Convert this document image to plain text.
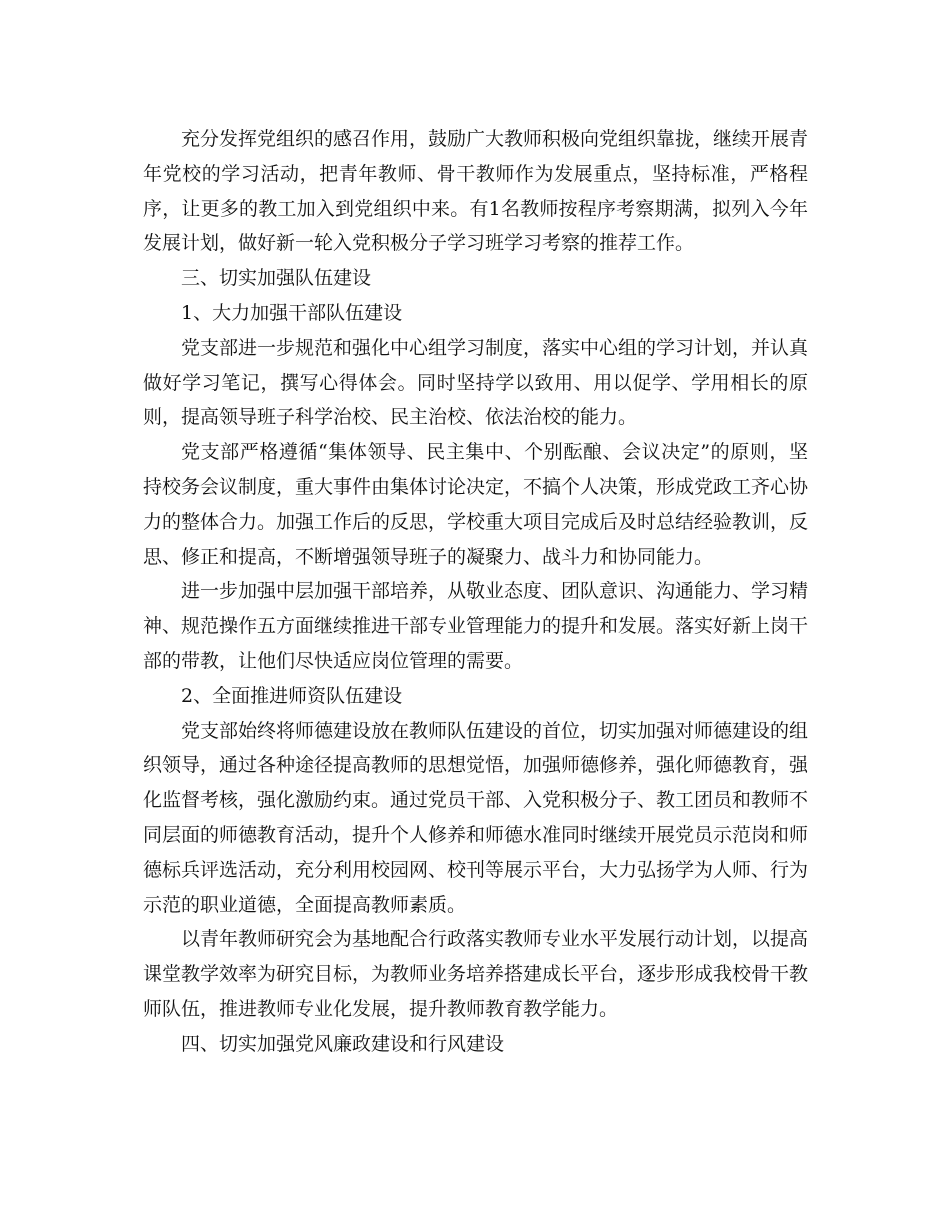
充分发挥党组织的感召作用，鼓励广大教师积极向党组织靠拢，继续开展青年党校的学习活动，把青年教师、骨干教师作为发展重点，坚持标准，严格程序，让更多的教工加入到党组织中来。有1名教师按程序考察期满，拟列入今年发展计划，做好新一轮入党积极分子学习班学习考察的推荐工作。

三、切实加强队伍建设

1、大力加强干部队伍建设

党支部进一步规范和强化中心组学习制度，落实中心组的学习计划，并认真做好学习笔记，撰写心得体会。同时坚持学以致用、用以促学、学用相长的原则，提高领导班子科学治校、民主治校、依法治校的能力。

党支部严格遵循“集体领导、民主集中、个别酝酿、会议决定”的原则，坚持校务会议制度，重大事件由集体讨论决定，不搞个人决策，形成党政工齐心协力的整体合力。加强工作后的反思，学校重大项目完成后及时总结经验教训，反思、修正和提高，不断增强领导班子的凝聚力、战斗力和协同能力。

进一步加强中层加强干部培养，从敬业态度、团队意识、沟通能力、学习精神、规范操作五方面继续推进干部专业管理能力的提升和发展。落实好新上岗干部的带教，让他们尽快适应岗位管理的需要。

2、全面推进师资队伍建设

党支部始终将师德建设放在教师队伍建设的首位，切实加强对师德建设的组织领导，通过各种途径提高教师的思想觉悟，加强师德修养，强化师德教育，强化监督考核，强化激励约束。通过党员干部、入党积极分子、教工团员和教师不同层面的师德教育活动，提升个人修养和师德水准同时继续开展党员示范岗和师德标兵评选活动，充分利用校园网、校刊等展示平台，大力弘扬学为人师、行为示范的职业道德，全面提高教师素质。

以青年教师研究会为基地配合行政落实教师专业水平发展行动计划，以提高课堂教学效率为研究目标，为教师业务培养搭建成长平台，逐步形成我校骨干教师队伍，推进教师专业化发展，提升教师教育教学能力。

四、切实加强党风廉政建设和行风建设
